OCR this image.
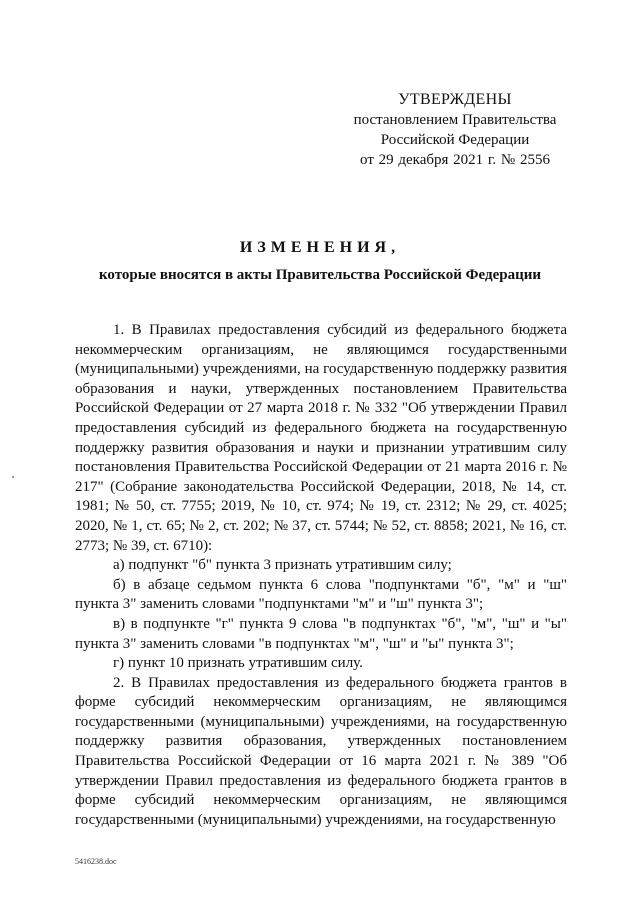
УТВЕРЖДЕНЫ
постановлением Правительства
Российской Федерации
от 29 декабря 2021 г. № 2556
ИЗМЕНЕНИЯ,
которые вносятся в акты Правительства Российской Федерации

1. В Правилах предоставления субсидий из федерального бюджета некоммерческим организациям, не являющимся государственными (муниципальными) учреждениями, на государственную поддержку развития образования и науки, утвержденных постановлением Правительства Российской Федерации от 27 марта 2018 г. № 332 "Об утверждении Правил предоставления субсидий из федерального бюджета на государственную поддержку развития образования и науки и признании утратившим силу постановления Правительства Российской Федерации от 21 марта 2016 г. № 217" (Собрание законодательства Российской Федерации, 2018, № 14, ст. 1981; № 50, ст. 7755; 2019, № 10, ст. 974; № 19, ст. 2312; № 29, ст. 4025; 2020, № 1, ст. 65; № 2, ст. 202; № 37, ст. 5744; № 52, ст. 8858; 2021, № 16, ст. 2773; № 39, ст. 6710):

а) подпункт "б" пункта 3 признать утратившим силу;

б) в абзаце седьмом пункта 6 слова "подпунктами "б", "м" и "ш" пункта 3" заменить словами "подпунктами "м" и "ш" пункта 3";

в) в подпункте "г" пункта 9 слова "в подпунктах "б", "м", "ш" и "ы" пункта 3" заменить словами "в подпунктах "м", "ш" и "ы" пункта 3";

г) пункт 10 признать утратившим силу.

2. В Правилах предоставления из федерального бюджета грантов в форме субсидий некоммерческим организациям, не являющимся государственными (муниципальными) учреждениями, на государственную поддержку развития образования, утвержденных постановлением Правительства Российской Федерации от 16 марта 2021 г. № 389 "Об утверждении Правил предоставления из федерального бюджета грантов в форме субсидий некоммерческим организациям, не являющимся государственными (муниципальными) учреждениями, на государственную

5416238.doc
